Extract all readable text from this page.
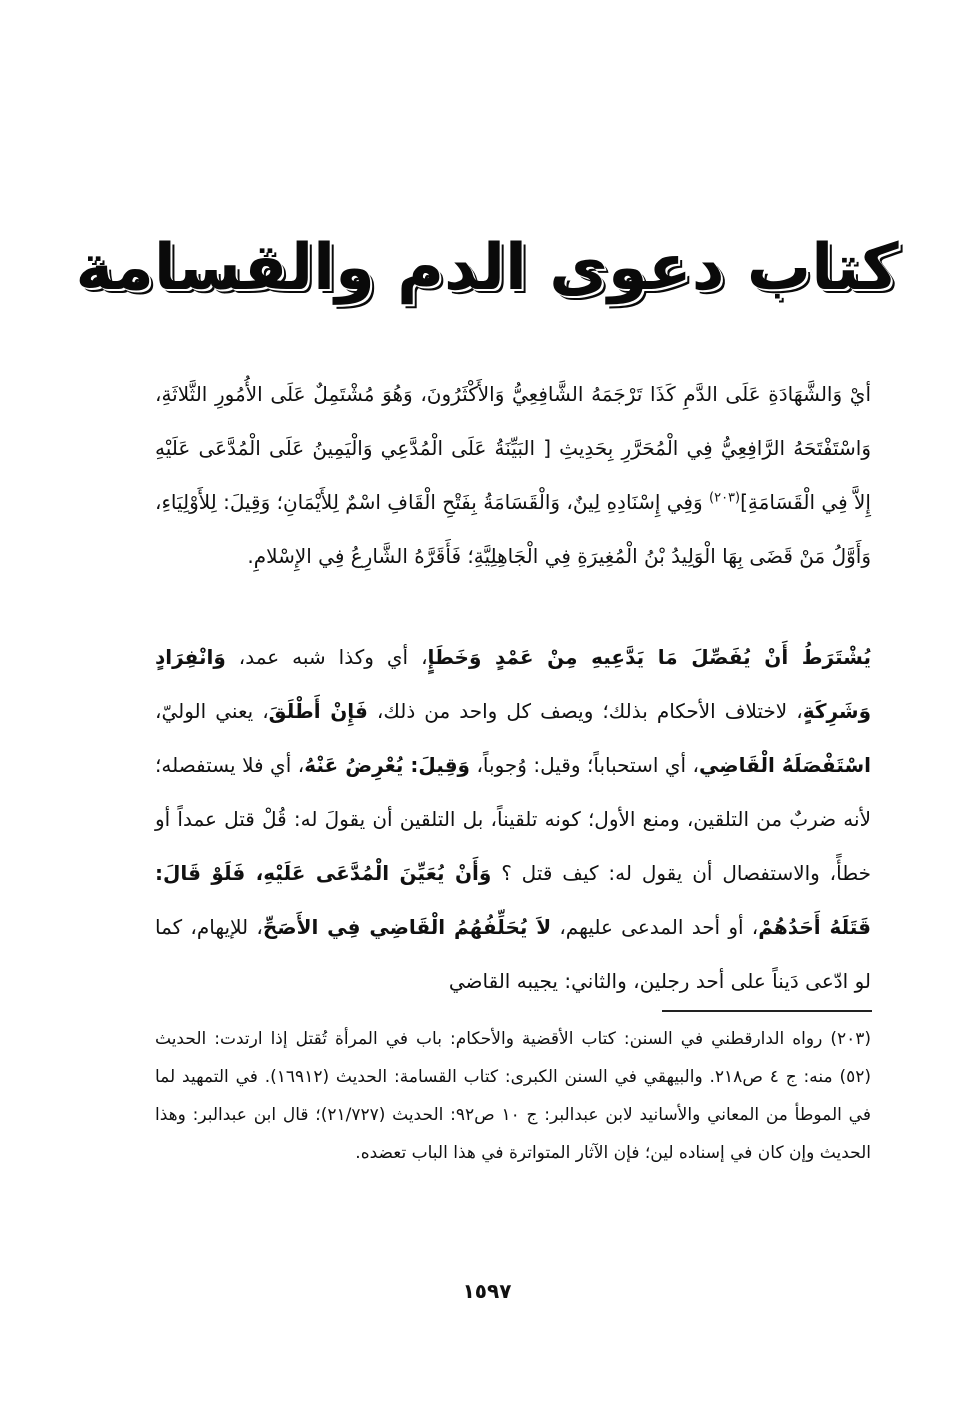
كتاب دعوى الدم والقسامة

أيْ وَالشَّهَادَةِ عَلَى الدَّمِ كَذَا تَرْجَمَهُ الشَّافِعِيُّ وَالأَكْثَرُونَ، وَهُوَ مُشْتَمِلٌ عَلَى الأُمُورِ الثَّلاثَةِ، وَاسْتَفْتَحَهُ الرَّافِعِيُّ فِي الْمُحَرَّرِ بِحَدِيثِ [ البَيِّنَةُ عَلَى الْمُدَّعِي وَالْيَمِينُ عَلَى الْمُدَّعَى عَلَيْهِ إِلاَّ فِي الْقَسَامَةِ]$^{(٢٠٣)}$ وَفِي إِسْنَادِهِ لِينٌ، وَالْقَسَامَةُ بِفَتْحِ الْقَافِ اسْمٌ لِلأَيْمَانِ؛ وَقِيلَ: لِلأَوْلِيَاءِ، وَأَوَّلُ مَنْ قَضَى بِهَا الْوَلِيدُ بْنُ الْمُغِيرَةِ فِي الْجَاهِلِيَّةِ؛ فَأَقَرَّهُ الشَّارِعُ فِي الإِسْلامِ.

يُشْتَرَطُ أَنْ يُفَصِّلَ مَا يَدَّعِيهِ مِنْ عَمْدٍ وَخَطَإٍ، أي وكذا شبه عمد، وَانْفِرَادٍ وَشَرِكَةٍ، لاختلاف الأحكام بذلك؛ ويصف كل واحد من ذلك، فَإِنْ أَطْلَقَ، يعني الوليّ، اسْتَفْصَلَهُ الْقَاضِي، أي استحباباً؛ وقيل: وُجوباً، وَقِيلَ: يُعْرِضُ عَنْهُ، أي فلا يستفصله؛ لأنه ضربٌ من التلقين، ومنع الأول؛ كونه تلقيناً، بل التلقين أن يقولَ له: قُلْ قتل عمداً أو خطأً، والاستفصال أن يقول له: كيف قتل ؟ وَأَنْ يُعَيِّنَ الْمُدَّعَى عَلَيْهِ، فَلَوْ قَالَ: قَتَلَهُ أَحَدُهُمْ، أو أحد المدعى عليهم، لاَ يُحَلِّفُهُمُ الْقَاضِي فِي الأَصَحِّ، للإيهام، كما لو ادّعى دَيناً على أحد رجلين، والثاني: يجيبه القاضي

(٢٠٣) رواه الدارقطني في السنن: كتاب الأقضية والأحكام: باب في المرأة تُقتل إذا ارتدت: الحديث (٥٢) منه: ج ٤ ص٢١٨. والبيهقي في السنن الكبرى: كتاب القسامة: الحديث (١٦٩١٢). في التمهيد لما في الموطأ من المعاني والأسانيد لابن عبدالبر: ج ١٠ ص٩٢: الحديث (٢١/٧٢٧)؛ قال ابن عبدالبر: وهذا الحديث وإن كان في إسناده لين؛ فإن الآثار المتواترة في هذا الباب تعضده.
١٥٩٧
